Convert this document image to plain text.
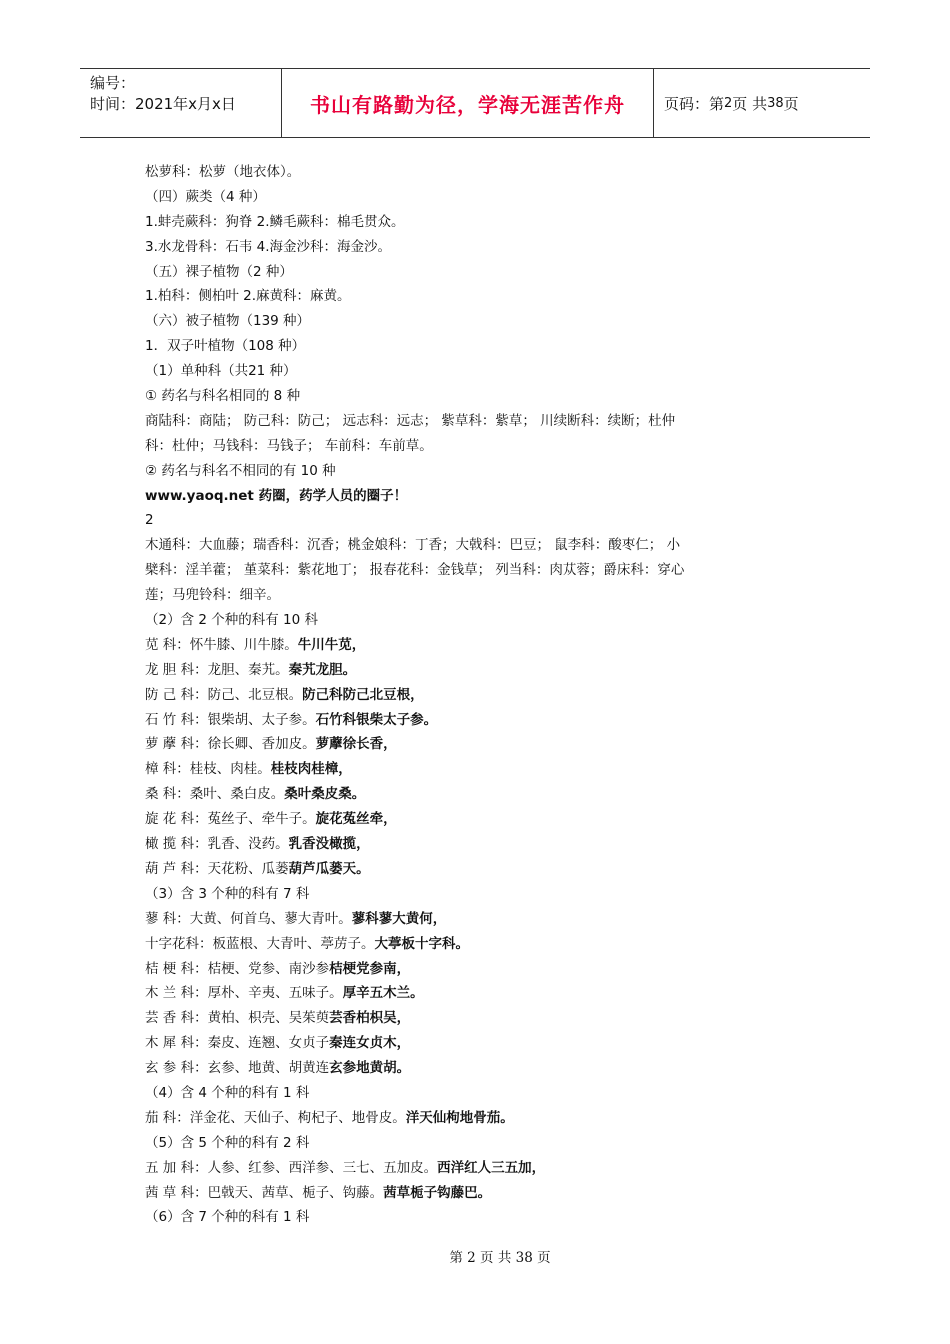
编号：
时间：2021年x月x日	书山有路勤为径，学海无涯苦作舟	页码：第 2 页 共 38 页
松萝科：松萝（地衣体）。
（四）蕨类（4 种）
1.蚌壳蕨科：狗脊 2.鳞毛蕨科：棉毛贯众。
3.水龙骨科：石韦 4.海金沙科：海金沙。
（五）裸子植物（2 种）
1.柏科：侧柏叶 2.麻黄科：麻黄。
（六）被子植物（139 种）
1．双子叶植物（108 种）
（1）单种科（共21 种）
① 药名与科名相同的 8 种
商陆科：商陆； 防己科：防己； 远志科：远志； 紫草科：紫草； 川续断科：续断；杜仲
科：杜仲；马钱科：马钱子； 车前科：车前草。
② 药名与科名不相同的有 10 种
www.yaoq.net 药圈，药学人员的圈子！
2
木通科：大血藤；瑞香科：沉香；桃金娘科：丁香；大戟科：巴豆； 鼠李科：酸枣仁； 小
檗科：淫羊藿； 堇菜科：紫花地丁； 报春花科：金钱草； 列当科：肉苁蓉；爵床科：穿心
莲；马兜铃科：细辛。
（2）含 2 个种的科有 10 科
苋 科：怀牛膝、川牛膝。牛川牛苋，
龙 胆 科：龙胆、秦艽。秦艽龙胆。
防 己 科：防己、北豆根。防己科防己北豆根，
石 竹 科：银柴胡、太子参。石竹科银柴太子参。
萝 藦 科：徐长卿、香加皮。萝藦徐长香，
樟 科：桂枝、肉桂。桂枝肉桂樟，
桑 科：桑叶、桑白皮。桑叶桑皮桑。
旋 花 科：菟丝子、牵牛子。旋花菟丝牵，
橄 揽 科：乳香、没药。乳香没橄揽，
葫 芦 科：天花粉、瓜蒌葫芦瓜蒌天。
（3）含 3 个种的科有 7 科
蓼 科：大黄、何首乌、蓼大青叶。蓼科蓼大黄何，
十字花科：板蓝根、大青叶、葶苈子。大葶板十字科。
桔 梗 科：桔梗、党参、南沙参桔梗党参南，
木 兰 科：厚朴、辛夷、五味子。厚辛五木兰。
芸 香 科：黄柏、枳壳、吴茱萸芸香柏枳吴，
木 犀 科：秦皮、连翘、女贞子秦连女贞木，
玄 参 科：玄参、地黄、胡黄连玄参地黄胡。
（4）含 4 个种的科有 1 科
茄 科：洋金花、天仙子、枸杞子、地骨皮。洋天仙枸地骨茄。
（5）含 5 个种的科有 2 科
五 加 科：人参、红参、西洋参、三七、五加皮。西洋红人三五加，
茜 草 科：巴戟天、茜草、栀子、钩藤。茜草栀子钩藤巴。
（6）含 7 个种的科有 1 科
第 2 页 共 38 页
